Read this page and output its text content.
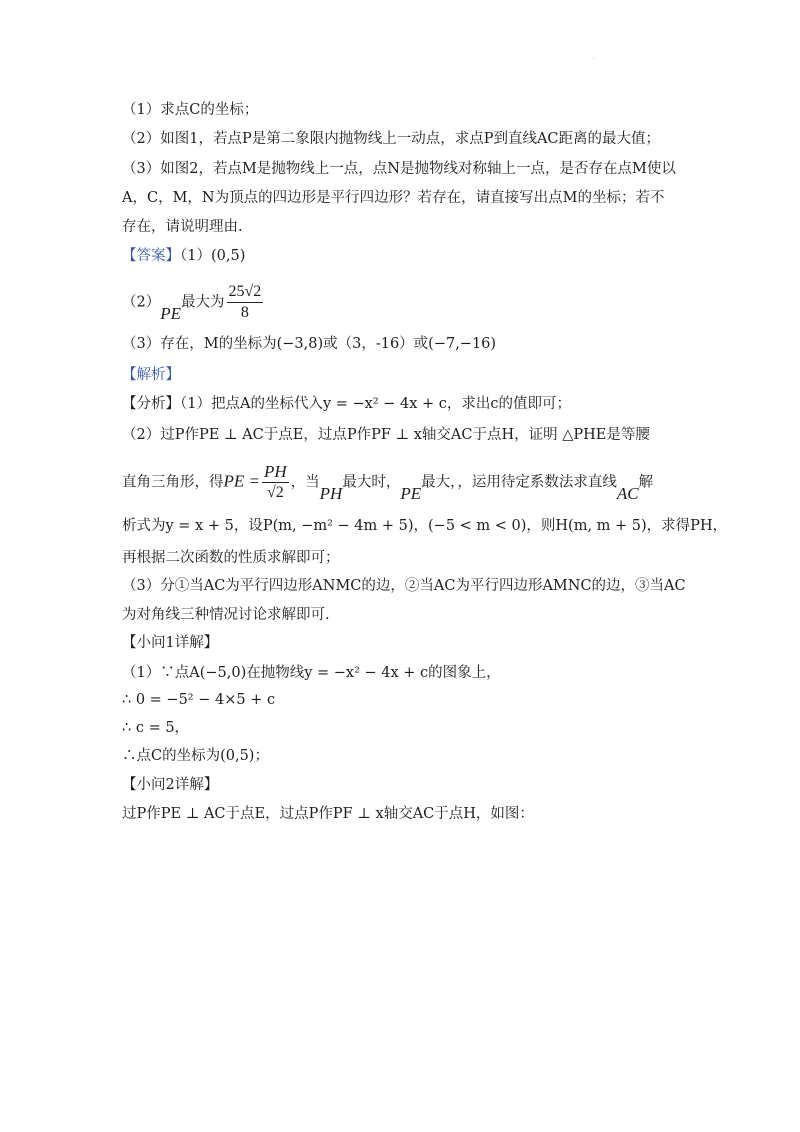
·
（1）求点C的坐标；
（2）如图1，若点P是第二象限内抛物线上一动点，求点P到直线AC距离的最大值；
（3）如图2，若点M是抛物线上一点，点N是抛物线对称轴上一点，是否存在点M使以
A，C，M，N为顶点的四边形是平行四边形？若存在，请直接写出点M的坐标；若不
存在，请说明理由.
【答案】（1）(0,5)
（2）PE最大为 $\frac{25√2}{8}$
（3）存在，M的坐标为(−3,8)或（3，-16）或(−7,−16)
【解析】
【分析】（1）把点A的坐标代入y = −x² − 4x + c，求出c的值即可；
（2）过P作PE ⊥ AC于点E，过点P作PF ⊥ x轴交AC于点H，证明 △PHE是等腰
直角三角形，得PE = $\frac{PH}{√2}$ ，当PH最大时，PE最大，，运用待定系数法求直线AC解
析式为y = x + 5，设P(m, −m² − 4m + 5)，(−5 < m < 0)，则H(m, m + 5)，求得PH，
再根据二次函数的性质求解即可；
（3）分①当AC为平行四边形ANMC的边，②当AC为平行四边形AMNC的边，③当AC
为对角线三种情况讨论求解即可.
【小问1详解】
（1）∵点A(−5,0)在抛物线y = −x² − 4x + c的图象上，
∴ 0 = −5² − 4×5 + c
∴ c = 5，
∴点C的坐标为(0,5)；
【小问2详解】
过P作PE ⊥ AC于点E，过点P作PF ⊥ x轴交AC于点H，如图：
